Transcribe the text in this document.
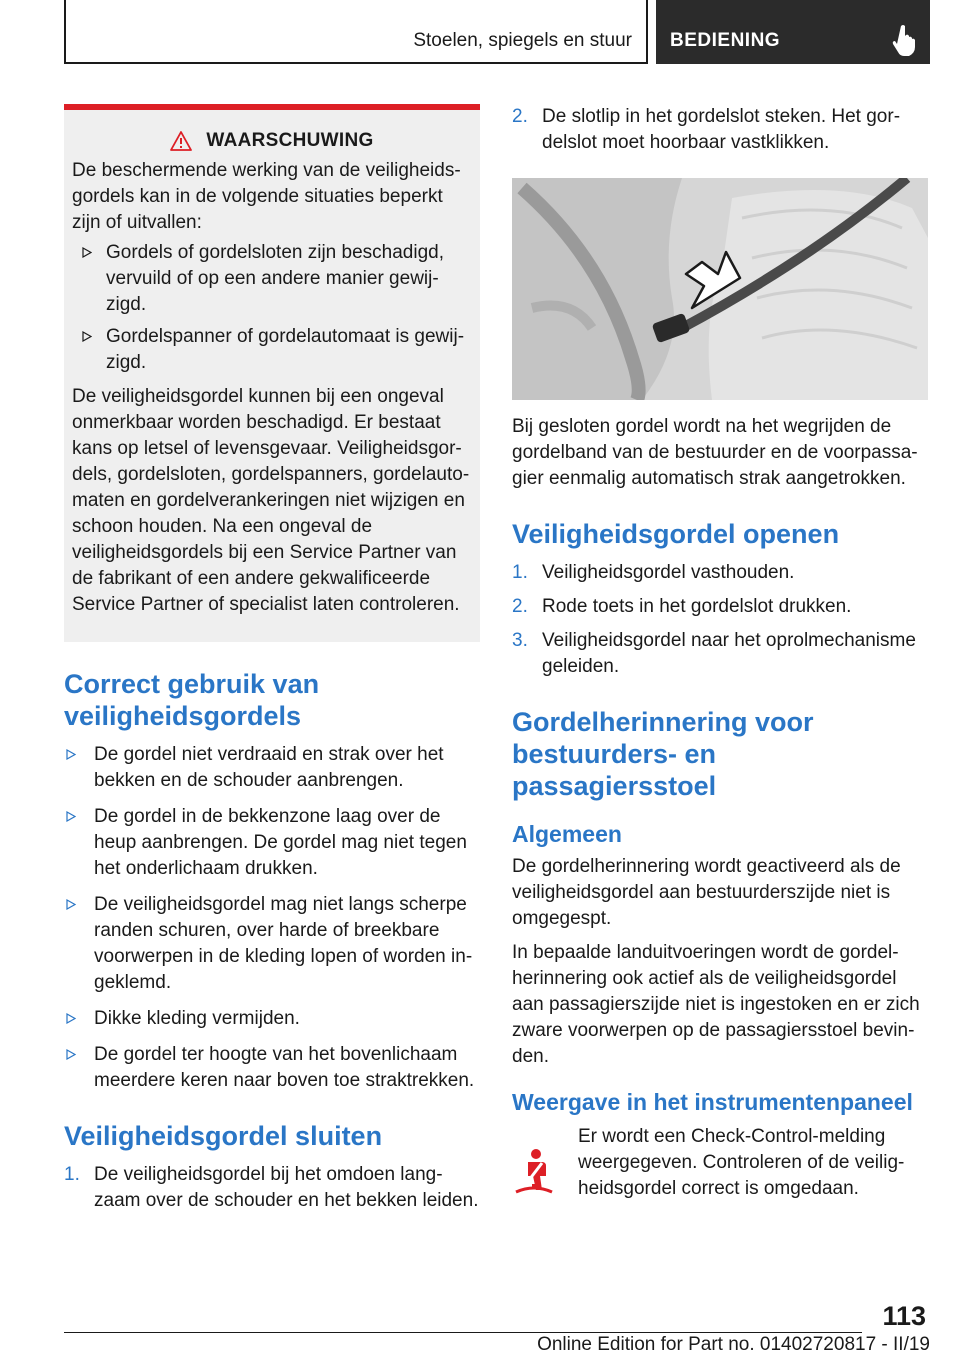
Stoelen, spiegels en stuur BEDIENING
WAARSCHUWING

De beschermende werking van de veiligheidsgordels kan in de volgende situaties beperkt zijn of uitvallen:

Gordels of gordelsloten zijn beschadigd, vervuild of op een andere manier gewijzigd.
Gordelspanner of gordelautomaat is gewijzigd.

De veiligheidsgordel kunnen bij een ongeval onmerkbaar worden beschadigd. Er bestaat kans op letsel of levensgevaar. Veiligheidsgordels, gordelsloten, gordelspanners, gordelautomaten en gordelverankeringen niet wijzigen en schoon houden. Na een ongeval de veiligheidsgordels bij een Service Partner van de fabrikant of een andere gekwalificeerde Service Partner of specialist laten controleren.

Correct gebruik van veiligheidsgordels
De gordel niet verdraaid en strak over het bekken en de schouder aanbrengen.
De gordel in de bekkenzone laag over de heup aanbrengen. De gordel mag niet tegen het onderlichaam drukken.
De veiligheidsgordel mag niet langs scherpe randen schuren, over harde of breekbare voorwerpen in de kleding lopen of worden ingeklemd.
Dikke kleding vermijden.
De gordel ter hoogte van het bovenlichaam meerdere keren naar boven toe straktrekken.
Veiligheidsgordel sluiten
1. De veiligheidsgordel bij het omdoen langzaam over de schouder en het bekken leiden.
2. De slotlip in het gordelslot steken. Het gordelslot moet hoorbaar vastklikken.

Bij gesloten gordel wordt na het wegrijden de gordelband van de bestuurder en de voorpassagier eenmalig automatisch strak aangetrokken.

Veiligheidsgordel openen
1. Veiligheidsgordel vasthouden.
2. Rode toets in het gordelslot drukken.
3. Veiligheidsgordel naar het oprolmechanisme geleiden.
Gordelherinnering voor bestuurders- en passagiersstoel
Algemeen

De gordelherinnering wordt geactiveerd als de veiligheidsgordel aan bestuurderszijde niet is omgegespt.

In bepaalde landuitvoeringen wordt de gordelherinnering ook actief als de veiligheidsgordel aan passagierszijde niet is ingestoken en er zich zware voorwerpen op de passagiersstoel bevinden.

Weergave in het instrumentenpaneel

Er wordt een Check-Control-melding weergegeven. Controleren of de veiligheidsgordel correct is omgedaan.

113
Online Edition for Part no. 01402720817 - II/19
